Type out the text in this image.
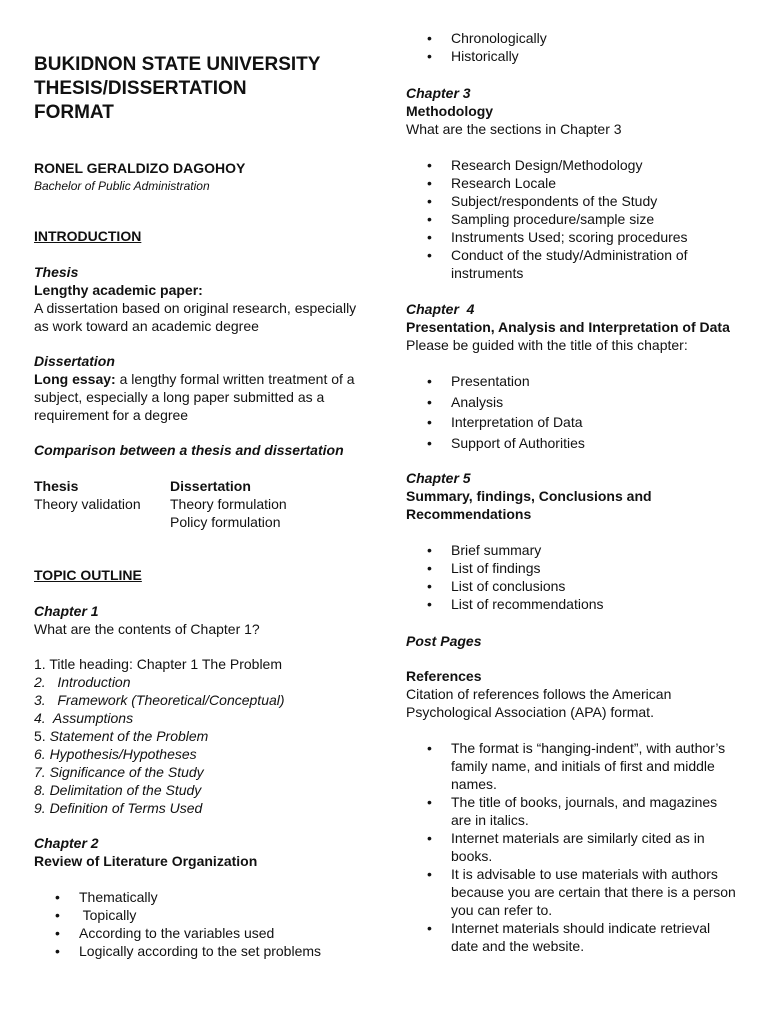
BUKIDNON STATE UNIVERSITY
THESIS/DISSERTATION
FORMAT

RONEL GERALDIZO DAGOHOY

Bachelor of Public Administration

INTRODUCTION

Thesis

Lengthy academic paper:

A dissertation based on original research, especially as work toward an academic degree

Dissertation

Long essay: a lengthy formal written treatment of a subject, especially a long paper submitted as a requirement for a degree

Comparison between a thesis and dissertation

Thesis	Dissertation
Theory validation	Theory formulation
Policy formulation

TOPIC OUTLINE

Chapter 1

What are the contents of Chapter 1?

1. Title heading: Chapter 1 The Problem
2.   Introduction
3.   Framework (Theoretical/Conceptual)
4.  Assumptions
5. Statement of the Problem
6. Hypothesis/Hypotheses
7. Significance of the Study
8. Delimitation of the Study
9. Definition of Terms Used

Chapter 2

Review of Literature Organization

• Thematically
•  Topically
• According to the variables used
• Logically according to the set problems
• Chronologically
• Historically

Chapter 3

Methodology

What are the sections in Chapter 3

• Research Design/Methodology
• Research Locale
• Subject/respondents of the Study
• Sampling procedure/sample size
• Instruments Used; scoring procedures
• Conduct of the study/Administration of instruments

Chapter  4

Presentation, Analysis and Interpretation of Data

Please be guided with the title of this chapter:

• Presentation
• Analysis
• Interpretation of Data
• Support of Authorities

Chapter 5

Summary, findings, Conclusions and Recommendations

• Brief summary
• List of findings
• List of conclusions
• List of recommendations

Post Pages

References

Citation of references follows the American Psychological Association (APA) format.

• The format is “hanging-indent”, with author’s family name, and initials of first and middle names.
• The title of books, journals, and magazines are in italics.
• Internet materials are similarly cited as in books.
• It is advisable to use materials with authors because you are certain that there is a person you can refer to.
• Internet materials should indicate retrieval date and the website.
